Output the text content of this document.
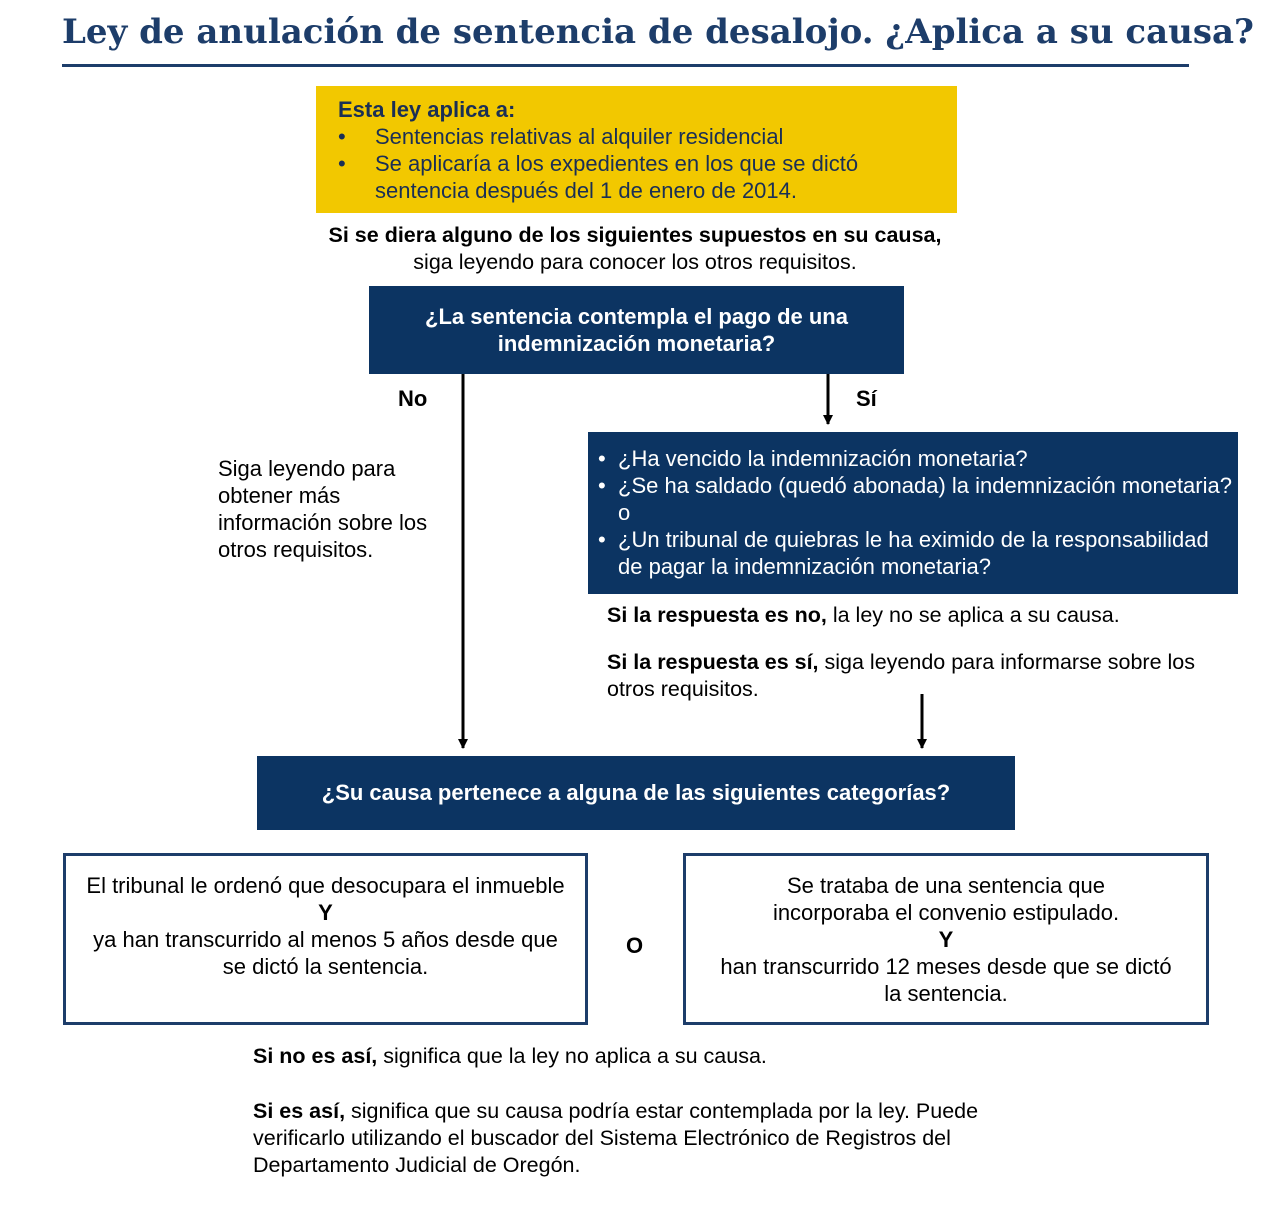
Ley de anulación de sentencia de desalojo. ¿Aplica a su causa?
Esta ley aplica a:
• Sentencias relativas al alquiler residencial
• Se aplicaría a los expedientes en los que se dictó sentencia después del 1 de enero de 2014.
Si se diera alguno de los siguientes supuestos en su causa,
siga leyendo para conocer los otros requisitos.
¿La sentencia contempla el pago de una indemnización monetaria?
No	Sí
Siga leyendo para obtener más información sobre los otros requisitos.
• ¿Ha vencido la indemnización monetaria?
• ¿Se ha saldado (quedó abonada) la indemnización monetaria? o
• ¿Un tribunal de quiebras le ha eximido de la responsabilidad de pagar la indemnización monetaria?
Si la respuesta es no, la ley no se aplica a su causa.
Si la respuesta es sí, siga leyendo para informarse sobre los otros requisitos.
¿Su causa pertenece a alguna de las siguientes categorías?
El tribunal le ordenó que desocupara el inmueble
Y
ya han transcurrido al menos 5 años desde que se dictó la sentencia.
O
Se trataba de una sentencia que incorporaba el convenio estipulado.
Y
han transcurrido 12 meses desde que se dictó la sentencia.
Si no es así, significa que la ley no aplica a su causa.
Si es así, significa que su causa podría estar contemplada por la ley. Puede verificarlo utilizando el buscador del Sistema Electrónico de Registros del Departamento Judicial de Oregón.
